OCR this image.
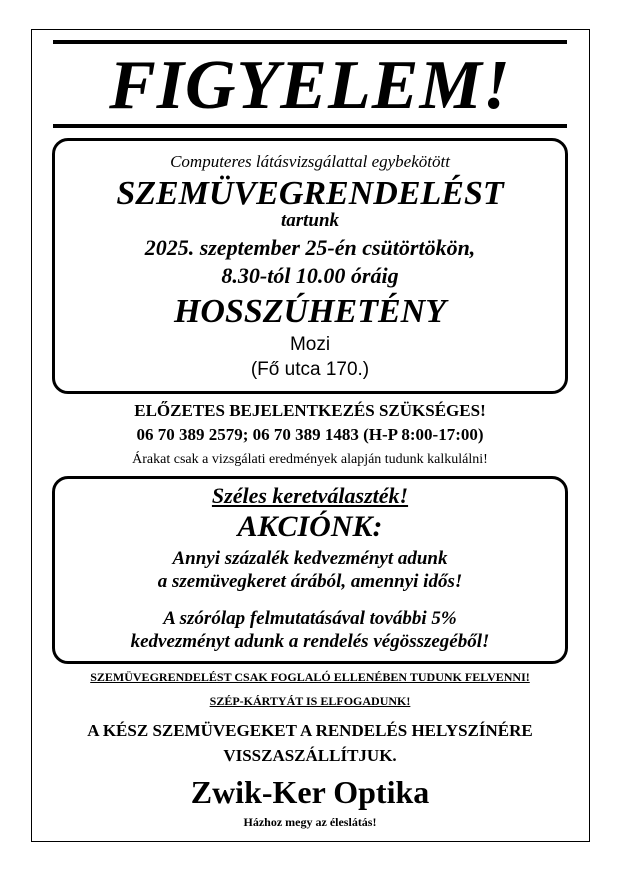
FIGYELEM!
Computeres látásvizsgálattal egybekötött
SZEMÜVEGRENDELÉST
tartunk
2025. szeptember 25-én csütörtökön,
8.30-tól 10.00 óráig
HOSSZÚHETÉNY
Mozi
(Fő utca 170.)
ELŐZETES BEJELENTKEZÉS SZÜKSÉGES!
06 70 389 2579; 06 70 389 1483 (H-P 8:00-17:00)
Árakat csak a vizsgálati eredmények alapján tudunk kalkulálni!
Széles keretválaszték!
AKCIÓNK:
Annyi százalék kedvezményt adunk
a szemüvegkeret árából, amennyi idős!
A szórólap felmutatásával további 5%
kedvezményt adunk a rendelés végösszegéből!
SZEMÜVEGRENDELÉST CSAK FOGLALÓ ELLENÉBEN TUDUNK FELVENNI!
SZÉP-KÁRTYÁT IS ELFOGADUNK!
A KÉSZ SZEMÜVEGEKET A RENDELÉS HELYSZÍNÉRE
VISSZASZÁLLÍTJUK.
Zwik-Ker Optika
Házhoz megy az éleslátás!
